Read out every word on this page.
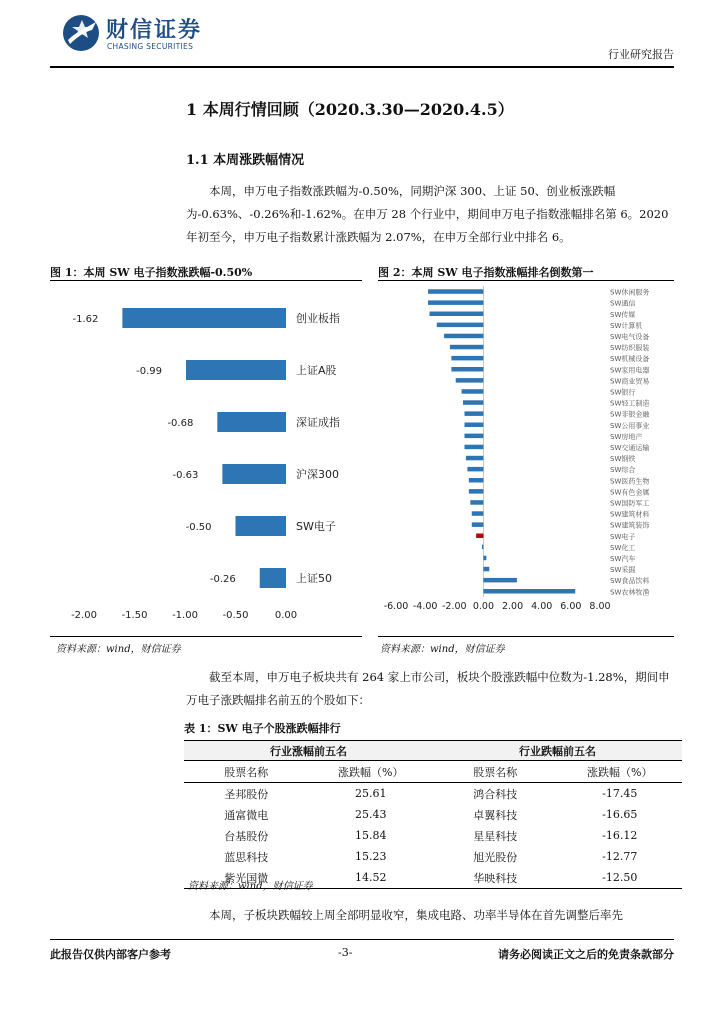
财信证券
CHASING SECURITIES
行业研究报告
1 本周行情回顾（2020.3.30—2020.4.5）
1.1 本周涨跌幅情况

本周，申万电子指数涨跌幅为-0.50%，同期沪深 300、上证 50、创业板涨跌幅为-0.63%、-0.26%和-1.62%。在申万 28 个行业中，期间申万电子指数涨幅排名第 6。2020 年初至今，申万电子指数累计涨跌幅为 2.07%，在申万全部行业中排名 6。

图 1：本周 SW 电子指数涨跌幅-0.50%	图 2：本周 SW 电子指数涨幅排名倒数第一
-1.62	创业板指
-0.99	上证A股
-0.68	深证成指
-0.63	沪深300
-0.50	SW电子
-0.26	上证50
-2.00 -1.50 -1.00 -0.50	0.00
SW休闲服务
SW通信
SW传媒
SW计算机
SW电气设备
SW纺织服装
SW机械设备
SW家用电器
SW商业贸易
SW银行
SW轻工制造
SW非银金融
SW公用事业
SW房地产
SW交通运输
SW钢铁
SW综合
SW医药生物
SW有色金属
SW国防军工
SW建筑材料
SW建筑装饰
SW电子
SW化工
SW汽车
SW采掘
SW食品饮料
SW农林牧渔
-6.00 -4.00 -2.00 0.00 2.00 4.00 6.00 8.00
资料来源：wind，财信证券	资料来源：wind，财信证券

截至本周，申万电子板块共有 264 家上市公司，板块个股涨跌幅中位数为-1.28%，期间申万电子涨跌幅排名前五的个股如下：

表 1：SW 电子个股涨跌幅排行
行业涨幅前五名		行业跌幅前五名	
股票名称	涨跌幅（%）	股票名称	涨跌幅（%）
圣邦股份	25.61	鸿合科技	-17.45
通富微电	25.43	卓翼科技	-16.65
台基股份	15.84	星星科技	-16.12
蓝思科技	15.23	旭光股份	-12.77
紫光国微	14.52	华映科技	-12.50
资料来源：wind，财信证券

本周，子板块跌幅较上周全部明显收窄，集成电路、功率半导体在首先调整后率先

此报告仅供内部客户参考	-3-	请务必阅读正文之后的免责条款部分
